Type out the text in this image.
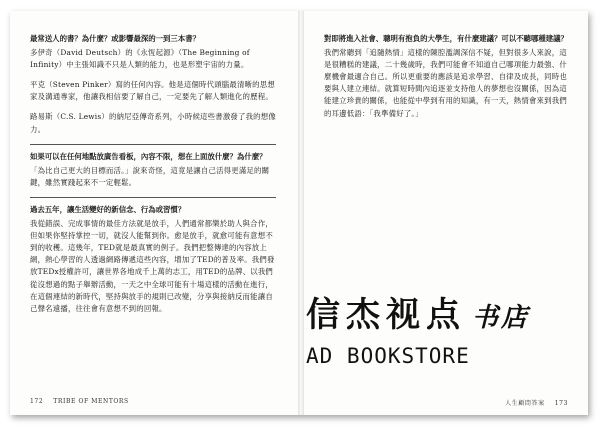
最常送人的書？為什麼？或影響最深的一到三本書？
多伊奇（David Deutsch）的《永恆起源》（The Beginning of Infinity）中主張知識不只是人類的能力，也是形塑宇宙的力量。
平克（Steven Pinker）寫的任何內容。他是這個時代頭腦最清晰的思想家及溝通專家，他讓我相信要了解自己，一定要先了解人類進化的歷程。
路易斯（C.S. Lewis）的納尼亞傳奇系列，小時候這些書激發了我的想像力。
如果可以在任何地點放廣告看板，內容不限，想在上面放什麼？為什麼？
「為比自己更大的目標而活。」說來奇怪，這竟是讓自己活得更滿足的關鍵，雖然實踐起來不一定輕鬆。
過去五年，讓生活變好的新信念、行為或習慣？
我從錯誤、完成事情的最佳方法就是放手，人們通常都樂於助人與合作，但如果你堅持掌控一切，就沒人能幫到你。愈是放手，就愈可能有意想不到的收穫。這幾年，TED就是最真實的例子。我們把整傳達的內容放上網，熱心學習的人透過網路傳遞這些內容，增加了TED的普及率。我們發放TEDx授權許可，讓世界各地成千上萬的志工，用TED的品牌、以我們從沒想過的點子舉辦活動，一天之中全球可能有十場這樣的活動在進行，在這個連結的新時代，堅持與放手的規則已改變，分享與接納反而能讓自己聲名遠播，往往會有意想不到的回報。
172 TRIBE OF MENTORS
對即將進入社會、聰明有抱負的大學生，有什麼建議？可以不聽哪種建議？
我們常聽到「追隨熱情」這樣的陳腔濫調深信不疑，但對很多人來說，這是很糟糕的建議，二十幾歲時，我們可能會不知道自己哪項能力最強、什麼機會最適合自己。所以更重要的應該是追求學習、自律及成長，同時也要與人建立連結。就算短時間內追逐並支持他人的夢想也沒關係，因為這能建立珍貴的關係，也能從中學到有用的知識，有一天，熱情會來到我們的耳邊低語：「我準備好了。」
人生顧問答案 173
信杰视点 书店
AD BOOKSTORE
